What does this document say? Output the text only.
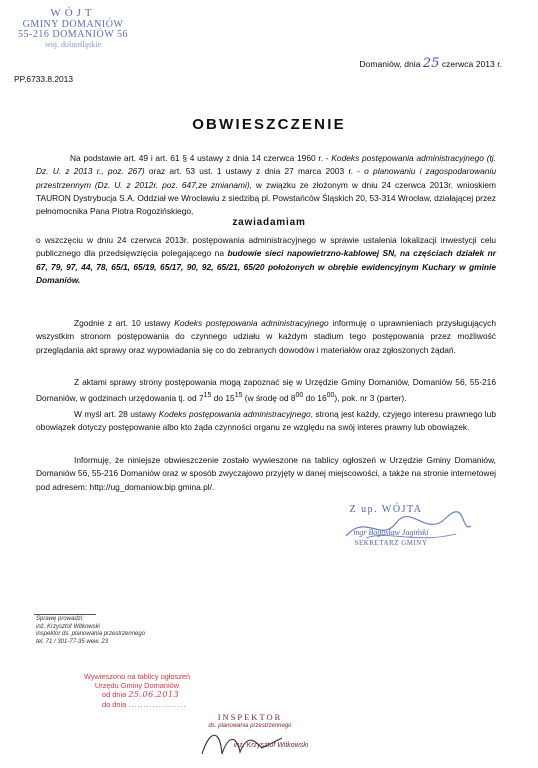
WÓJT
GMINY DOMANIÓW
55-216 DOMANIÓW 56
woj. dolnośląskie
Domaniów, dnia 25 czerwca 2013 r.
PP.6733.8.2013
OBWIESZCZENIE
Na podstawie art. 49 i art. 61 § 4 ustawy z dnia 14 czerwca 1960 r. - Kodeks postępowania administracyjnego (tj. Dz. U. z 2013 r., poz. 267) oraz art. 53 ust. 1 ustawy z dnia 27 marca 2003 r. - o planowaniu i zagospodarowaniu przestrzennym (Dz. U. z 2012r. poz. 647,ze zmianami), w związku ze złożonym w dniu 24 czerwca 2013r. wnioskiem TAURON Dystrybucja S.A. Oddział we Wrocławiu z siedzibą pl. Powstańców Śląskich 20, 53-314 Wrocław, działającej przez pełnomocnika Pana Piotra Rogozińskiego,
zawiadamiam
o wszczęciu w dniu 24 czerwca 2013r. postępowania administracyjnego w sprawie ustalenia lokalizacji inwestycji celu publicznego dla przedsięwzięcia polegającego na budowie sieci napowietrzno-kablowej SN, na częściach działek nr 67, 79, 97, 44, 78, 65/1, 65/19, 65/17, 90, 92, 65/21, 65/20 położonych w obrębie ewidencyjnym Kuchary w gminie Domaniów.
Zgodnie z art. 10 ustawy Kodeks postępowania administracyjnego informuję o uprawnieniach przysługujących wszystkim stronom postępowania do czynnego udziału w każdym stadium tego postępowania przez możliwość przeglądania akt sprawy oraz wypowiadania się co do zebranych dowodów i materiałów oraz zgłoszonych żądań.
Z aktami sprawy strony postępowania mogą zapoznać się w Urzędzie Gminy Domaniów, Domaniów 56, 55-216 Domaniów, w godzinach urzędowania tj. od $7^{15}$ do $15^{15}$ (w środę od $8^{00}$ do $16^{00}$), pok. nr 3 (parter).
W myśl art. 28 ustawy Kodeks postępowania administracyjnego, stroną jest każdy, czyjego interesu prawnego lub obowiązek dotyczy postępowanie albo kto żąda czynności organu ze względu na swój interes prawny lub obowiązek.
Informuję, że niniejsze obwieszczenie zostało wywieszone na tablicy ogłoszeń w Urzędzie Gminy Domaniów, Domaniów 56, 55-216 Domaniów oraz w sposób zwyczajowo przyjęty w danej miejscowości, a także na stronie internetowej pod adresem: http://ug_domaniow.bip gmina.pl/.
Z up. WÓJTA
mgr Bogusław Jagiński
SEKRETARZ GMINY
Sprawę prowadzi:
inż. Krzysztof Witkowski
inspektor ds. planowania przestrzennego
tel. 71 / 301-77-35 wew. 23
Wywieszono na tablicy ogłoszeń
Urzędu Gminy Domaniów
od dnia 25.06.2013
do dnia ...................
INSPEKTOR
ds. planowania przestrzennego
inż. Krzysztof Witkowski
